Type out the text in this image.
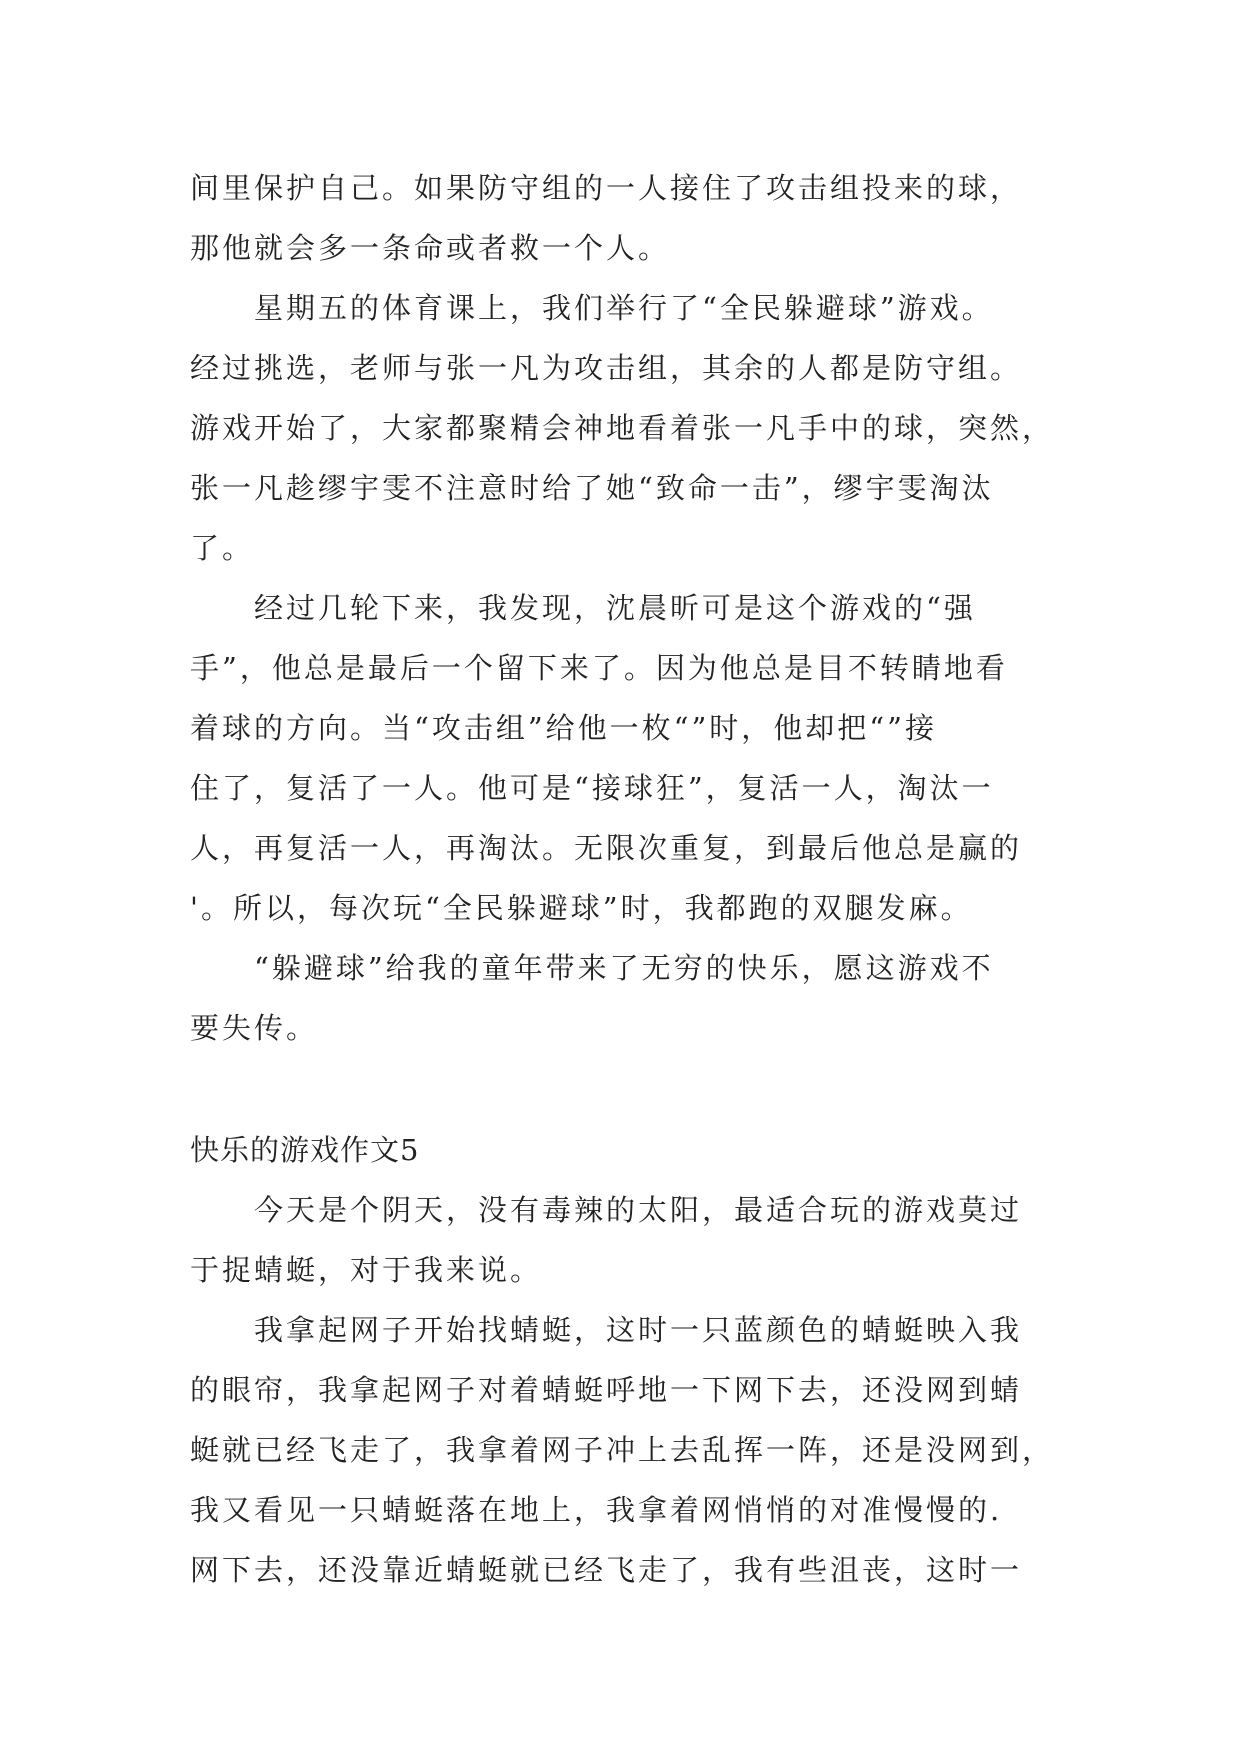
间里保护自己。如果防守组的一人接住了攻击组投来的球，
那他就会多一条命或者救一个人。
星期五的体育课上，我们举行了“全民躲避球”游戏。
经过挑选，老师与张一凡为攻击组，其余的人都是防守组。
游戏开始了，大家都聚精会神地看着张一凡手中的球，突然，
张一凡趁缪宇雯不注意时给了她“致命一击”，缪宇雯淘汰
了。
经过几轮下来，我发现，沈晨昕可是这个游戏的“强
手”，他总是最后一个留下来了。因为他总是目不转睛地看
着球的方向。当“攻击组”给他一枚“”时，他却把“”接
住了，复活了一人。他可是“接球狂”，复活一人，淘汰一
人，再复活一人，再淘汰。无限次重复，到最后他总是赢的
'。所以，每次玩“全民躲避球”时，我都跑的双腿发麻。
“躲避球”给我的童年带来了无穷的快乐，愿这游戏不
要失传。
快乐的游戏作文5
今天是个阴天，没有毒辣的太阳，最适合玩的游戏莫过
于捉蜻蜓，对于我来说。
我拿起网子开始找蜻蜓，这时一只蓝颜色的蜻蜓映入我
的眼帘，我拿起网子对着蜻蜓呼地一下网下去，还没网到蜻
蜓就已经飞走了，我拿着网子冲上去乱挥一阵，还是没网到，
我又看见一只蜻蜓落在地上，我拿着网悄悄的对准慢慢的.
网下去，还没靠近蜻蜓就已经飞走了，我有些沮丧，这时一
